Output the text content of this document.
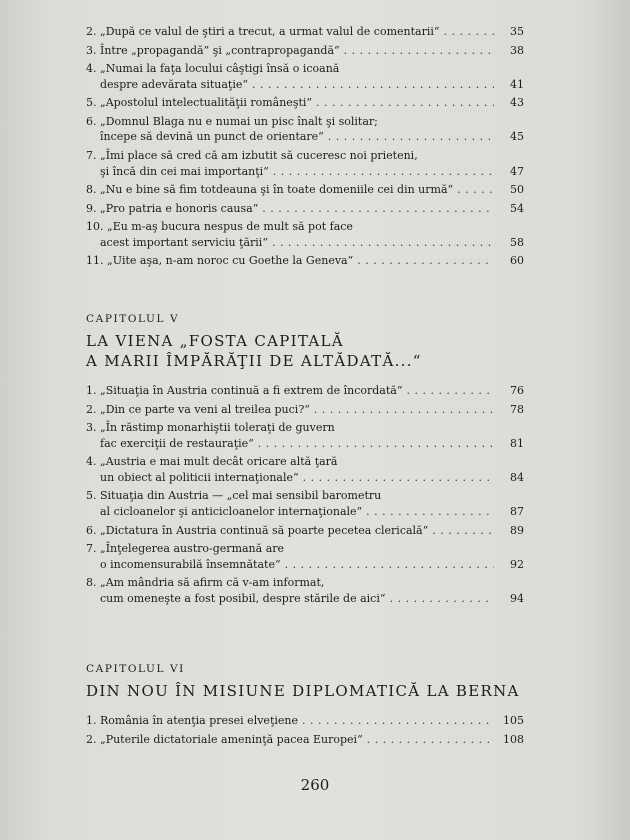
2. „După ce valul de ştiri a trecut, a urmat valul de comentarii“ . . .	35
3. Între „propagandă” şi „contrapropagandă“ . . .	38
4. „Numai la faţa locului câştigi însă o icoană
despre adevărata situaţie“ . . .	41
5. „Apostolul intelectualităţii româneşti“ . . .	43
6. „Domnul Blaga nu e numai un pisc înalt şi solitar;
începe să devină un punct de orientare“ . . .	45
7. „Îmi place să cred că am izbutit să cuceresc noi prieteni,
şi încă din cei mai importanţi“ . . .	47
8. „Nu e bine să fim totdeauna şi în toate domeniile cei din urmă“ . . .	50
9. „Pro patria e honoris causa“ . . .	54
10. „Eu m-aş bucura nespus de mult să pot face
acest important serviciu ţării“ . . .	58
11. „Uite aşa, n-am noroc cu Goethe la Geneva“ . . .	60
CAPITOLUL V
LA VIENA „FOSTA CAPITALĂ
A MARII ÎMPĂRĂŢII DE ALTĂDATĂ...“
1. „Situaţia în Austria continuă a fi extrem de încordată“ . . .	76
2. „Din ce parte va veni al treilea puci?“ . . .	78
3. „În răstimp monarhiştii toleraţi de guvern
fac exerciţii de restauraţie“ . . .	81
4. „Austria e mai mult decât oricare altă ţară
un obiect al politicii internaţionale“ . . .	84
5. Situaţia din Austria — „cel mai sensibil barometru
al cicloanelor şi anticicloanelor internaţionale“ . . .	87
6. „Dictatura în Austria continuă să poarte pecetea clericală“ . . .	89
7. „Înţelegerea austro-germană are
o incomensurabilă însemnătate“ . . .	92
8. „Am mândria să afirm că v-am informat,
cum omeneşte a fost posibil, despre stările de aici“ . . .	94
CAPITOLUL VI
DIN NOU ÎN MISIUNE DIPLOMATICĂ LA BERNA
1. România în atenţia presei elveţiene . . .	105
2. „Puterile dictatoriale ameninţă pacea Europei“ . . .	108
260
